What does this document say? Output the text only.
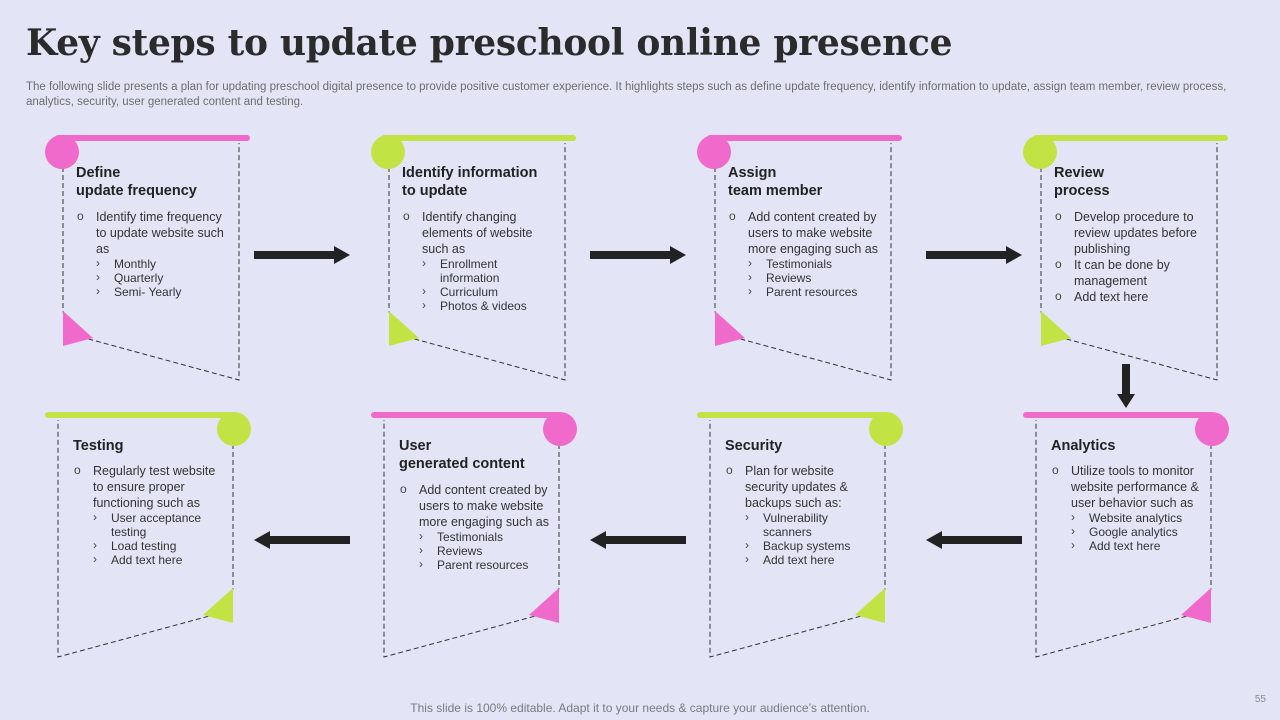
Key steps to update preschool online presence
The following slide presents a plan for updating preschool digital presence to provide positive customer experience. It highlights steps such as define update frequency, identify information to update, assign team member, review process, analytics, security, user generated content and testing.
Define
update frequency
o Identify time frequency to update website such as
› Monthly
› Quarterly
› Semi- Yearly
Identify information
to update
o Identify changing elements of website such as
› Enrollment information
› Curriculum
› Photos & videos
Assign
team member
o Add content created by users to make website more engaging such as
› Testimonials
› Reviews
› Parent resources
Review
process
o Develop procedure to review updates before publishing
o It can be done by management
o Add text here
Analytics
o Utilize tools to monitor website performance & user behavior such as
› Website analytics
› Google analytics
› Add text here
Security
o Plan for website security updates & backups such as:
› Vulnerability scanners
› Backup systems
› Add text here
User
generated content
o Add content created by users to make website more engaging such as
› Testimonials
› Reviews
› Parent resources
Testing
o Regularly test website to ensure proper functioning such as
› User acceptance testing
› Load testing
› Add text here
This slide is 100% editable. Adapt it to your needs & capture your audience’s attention.
55
